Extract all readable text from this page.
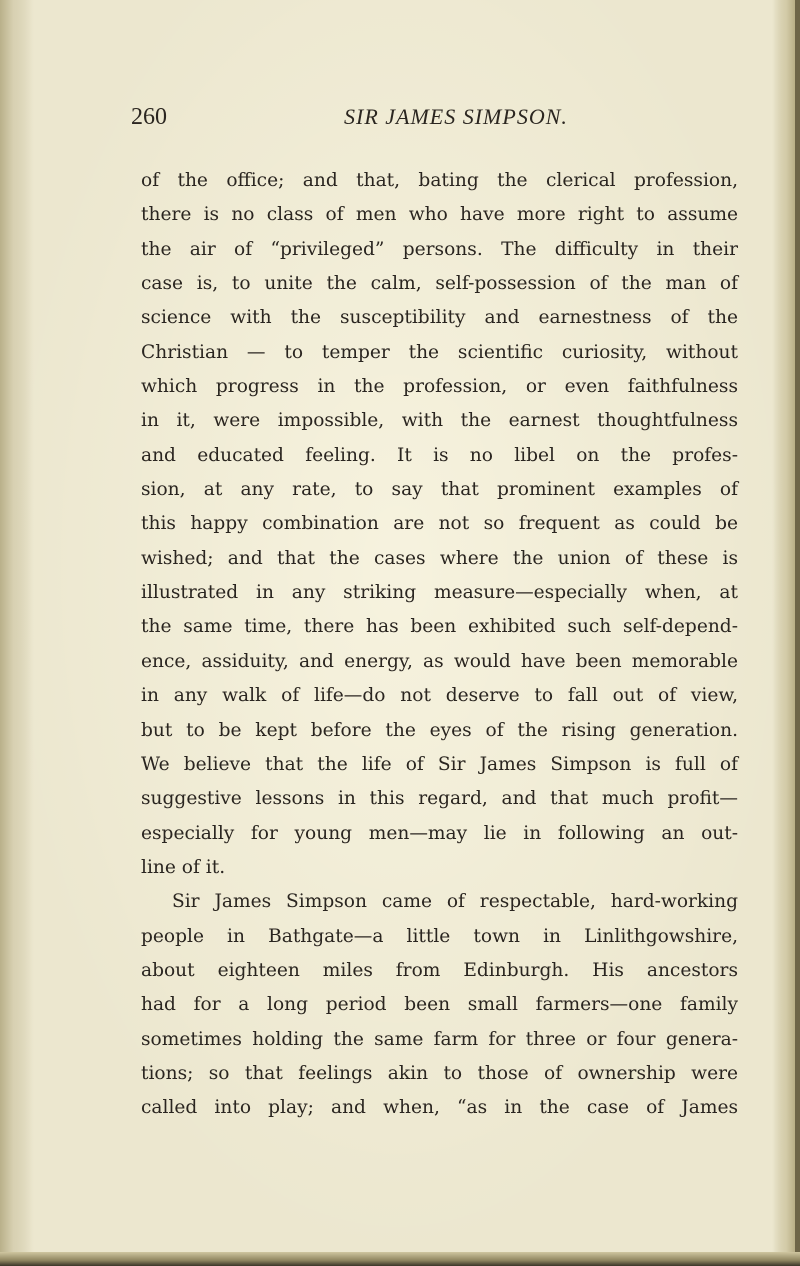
260	SIR JAMES SIMPSON.
of the office; and that, bating the clerical profession,
there is no class of men who have more right to assume
the air of “privileged” persons. The difficulty in their
case is, to unite the calm, self-possession of the man of
science with the susceptibility and earnestness of the
Christian — to temper the scientific curiosity, without
which progress in the profession, or even faithfulness
in it, were impossible, with the earnest thoughtfulness
and educated feeling. It is no libel on the profes-
sion, at any rate, to say that prominent examples of
this happy combination are not so frequent as could be
wished; and that the cases where the union of these is
illustrated in any striking measure—especially when, at
the same time, there has been exhibited such self-depend-
ence, assiduity, and energy, as would have been memorable
in any walk of life—do not deserve to fall out of view,
but to be kept before the eyes of the rising generation.
We believe that the life of Sir James Simpson is full of
suggestive lessons in this regard, and that much profit—
especially for young men—may lie in following an out-
line of it.
Sir James Simpson came of respectable, hard-working
people in Bathgate—a little town in Linlithgowshire,
about eighteen miles from Edinburgh. His ancestors
had for a long period been small farmers—one family
sometimes holding the same farm for three or four genera-
tions; so that feelings akin to those of ownership were
called into play; and when, “as in the case of James
